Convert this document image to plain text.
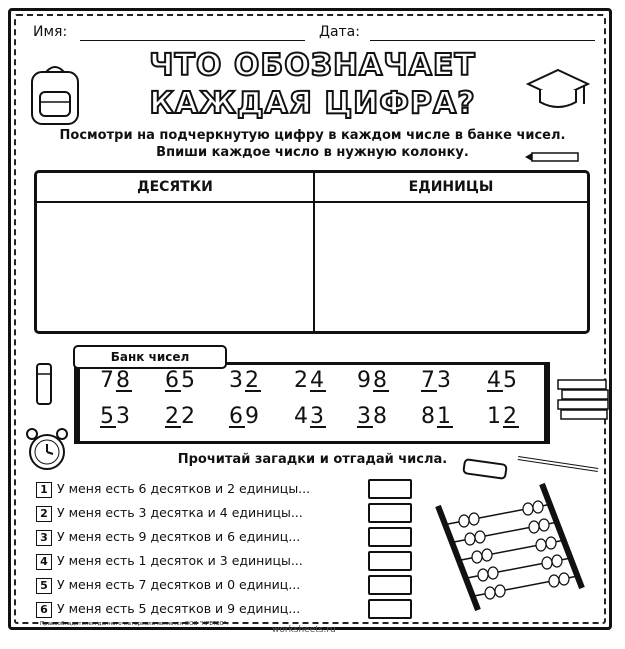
Имя:	Дата:
ЧТО ОБОЗНАЧАЕТ
КАЖДАЯ ЦИФРА?
Посмотри на подчеркнутую цифру в каждом числе в банке чисел.
Впиши каждое число в нужную колонку.
ДЕСЯТКИ	ЕДИНИЦЫ
Банк чисел
78 65 32 24 98 73 45
53 22 69 43 38 81 12
Прочитай загадки и отгадай числа.
1 У меня есть 6 десятков и 2 единицы...
2 У меня есть 3 десятка и 4 единицы...
3 У меня есть 9 десятков и 6 единиц...
4 У меня есть 1 десяток и 3 единицы...
5 У меня есть 7 десятков и 0 единиц...
6 У меня есть 5 десятков и 9 единиц...
Правообладателем данного материала является ООО "КРЕТЕО".
worksheets.ru
